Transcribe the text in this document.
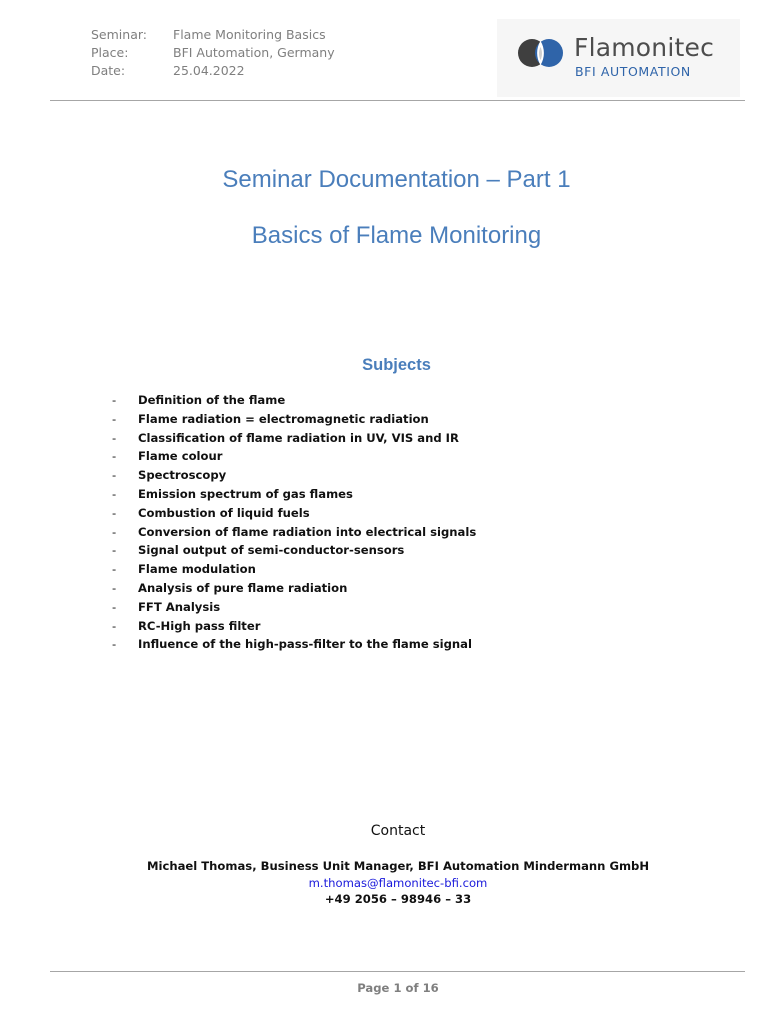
Seminar:	Flame Monitoring Basics
Place:	BFI Automation, Germany
Date:	25.04.2022
Flamonitec
BFI AUTOMATION
Seminar Documentation – Part 1
Basics of Flame Monitoring
Subjects
-	Definition of the flame
-	Flame radiation = electromagnetic radiation
-	Classification of flame radiation in UV, VIS and IR
-	Flame colour
-	Spectroscopy
-	Emission spectrum of gas flames
-	Combustion of liquid fuels
-	Conversion of flame radiation into electrical signals
-	Signal output of semi-conductor-sensors
-	Flame modulation
-	Analysis of pure flame radiation
-	FFT Analysis
-	RC-High pass filter
-	Influence of the high-pass-filter to the flame signal
Contact
Michael Thomas, Business Unit Manager, BFI Automation Mindermann GmbH
m.thomas@flamonitec-bfi.com
+49 2056 – 98946 – 33
Page 1 of 16
